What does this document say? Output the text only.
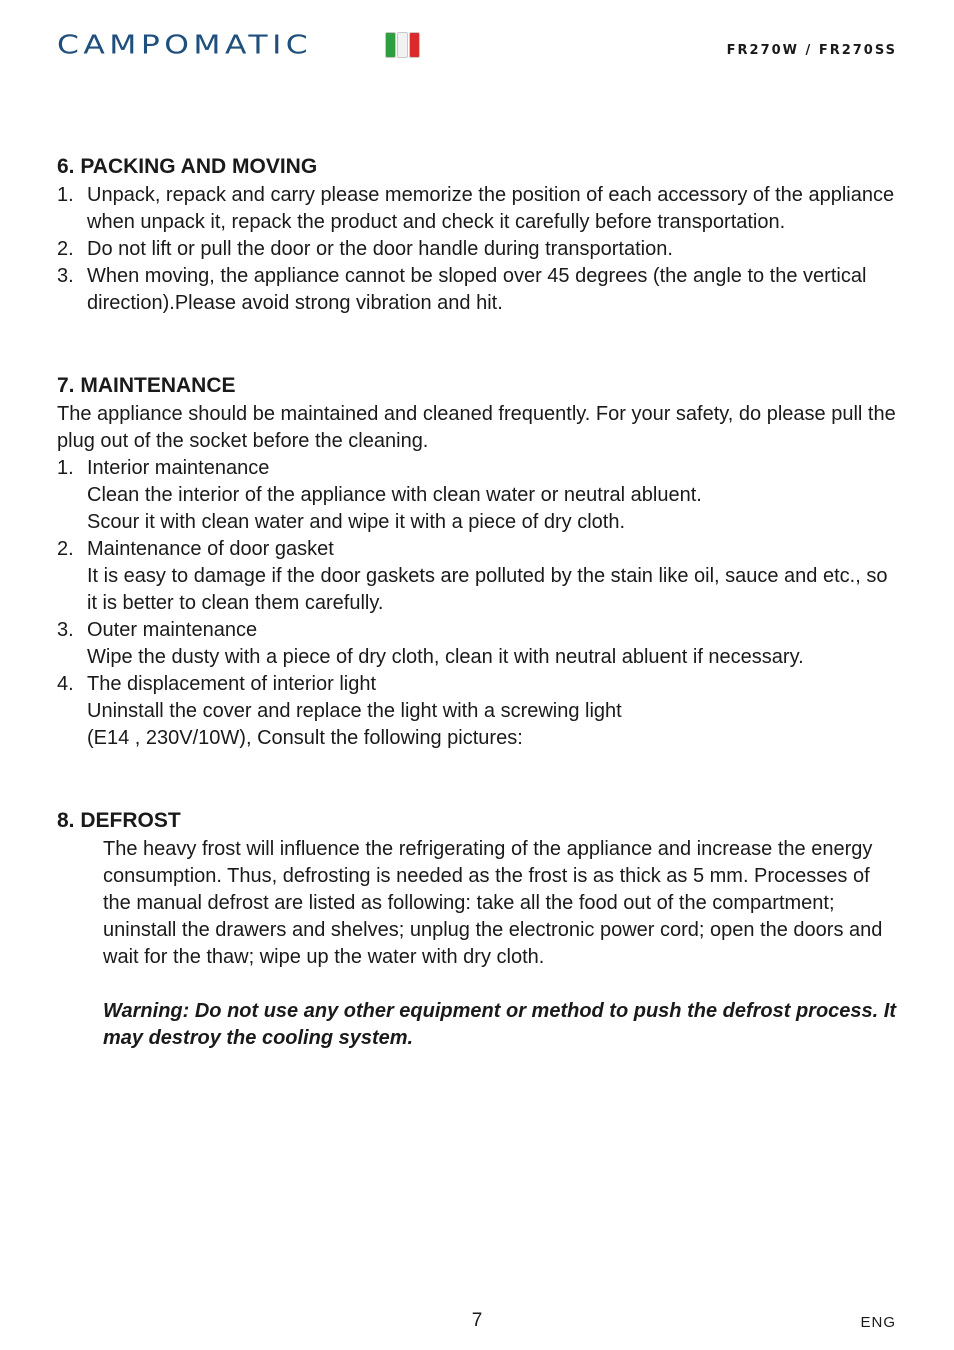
CAMPOMATIC	FR270W / FR270SS
6. PACKING AND MOVING
1. Unpack, repack and carry please memorize the position of each accessory of the appliance when unpack it, repack the product and check it carefully before transportation.
2. Do not lift or pull the door or the door handle during transportation.
3. When moving, the appliance cannot be sloped over 45 degrees (the angle to the vertical direction).Please avoid strong vibration and hit.
7. MAINTENANCE

The appliance should be maintained and cleaned frequently. For your safety, do please pull the plug out of the socket before the cleaning.

1. Interior maintenance
Clean the interior of the appliance with clean water or neutral abluent.
Scour it with clean water and wipe it with a piece of dry cloth.
2. Maintenance of door gasket
It is easy to damage if the door gaskets are polluted by the stain like oil, sauce and etc., so it is better to clean them carefully.
3. Outer maintenance
Wipe the dusty with a piece of dry cloth, clean it with neutral abluent if necessary.
4. The displacement of interior light
Uninstall the cover and replace the light with a screwing light
(E14 , 230V/10W), Consult the following pictures:
8. DEFROST

The heavy frost will influence the refrigerating of the appliance and increase the energy consumption. Thus, defrosting is needed as the frost is as thick as 5 mm. Processes of the manual defrost are listed as following: take all the food out of the compartment; uninstall the drawers and shelves; unplug the electronic power cord; open the doors and wait for the thaw; wipe up the water with dry cloth.

Warning: Do not use any other equipment or method to push the defrost process. It may destroy the cooling system.

7	ENG
